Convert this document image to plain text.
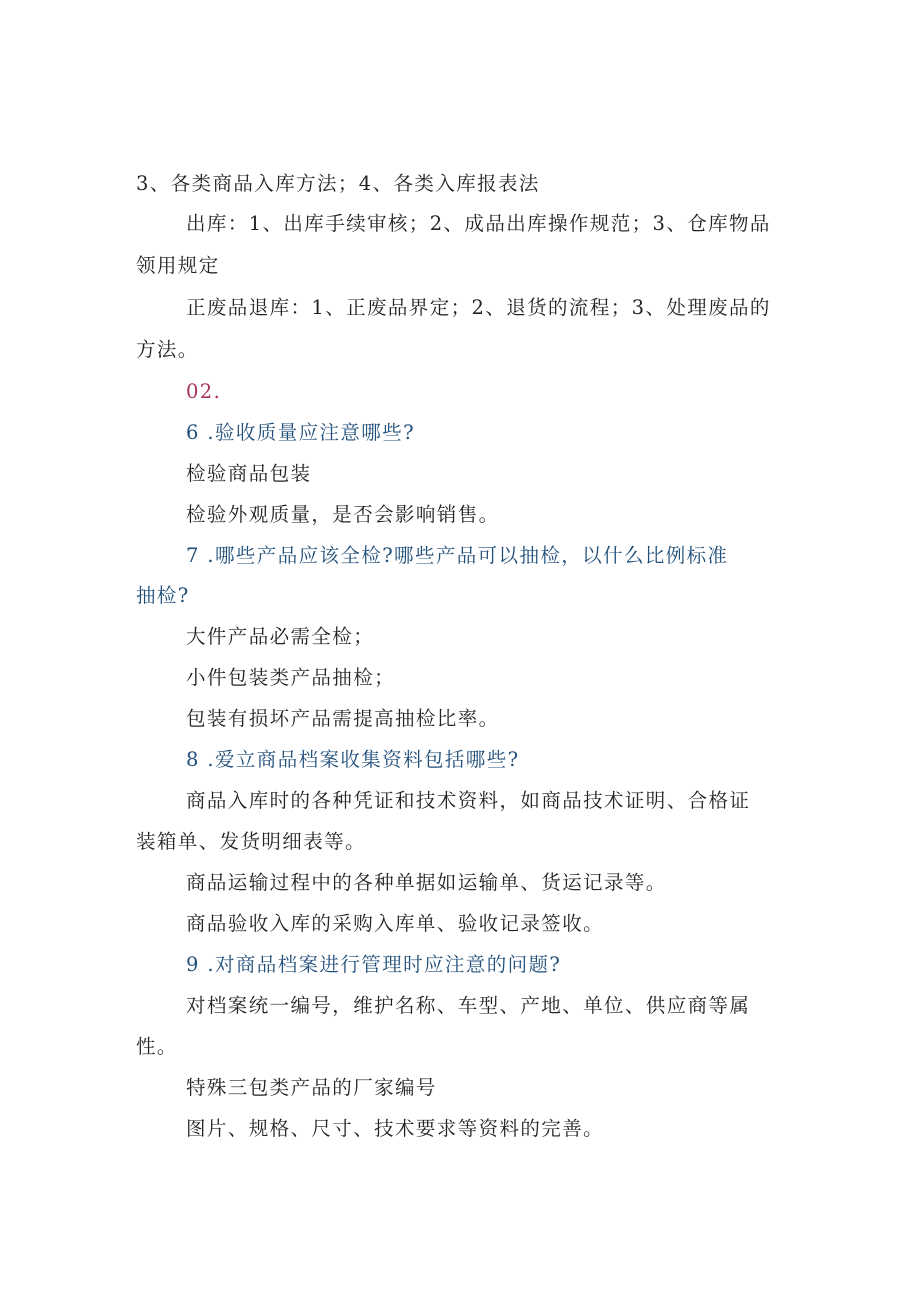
3、各类商品入库方法；4、各类入库报表法

出库：1、出库手续审核；2、成品出库操作规范；3、仓库物品

领用规定

正废品退库：1、正废品界定；2、退货的流程；3、处理废品的

方法。

02.

6 .验收质量应注意哪些?

检验商品包装

检验外观质量，是否会影响销售。

7 .哪些产品应该全检?哪些产品可以抽检，以什么比例标准

抽检?

大件产品必需全检；

小件包装类产品抽检；

包装有损坏产品需提高抽检比率。

8 .爱立商品档案收集资料包括哪些?

商品入库时的各种凭证和技术资料，如商品技术证明、合格证

装箱单、发货明细表等。

商品运输过程中的各种单据如运输单、货运记录等。

商品验收入库的采购入库单、验收记录签收。

9 .对商品档案进行管理时应注意的问题?

对档案统一编号，维护名称、车型、产地、单位、供应商等属

性。

特殊三包类产品的厂家编号

图片、规格、尺寸、技术要求等资料的完善。
